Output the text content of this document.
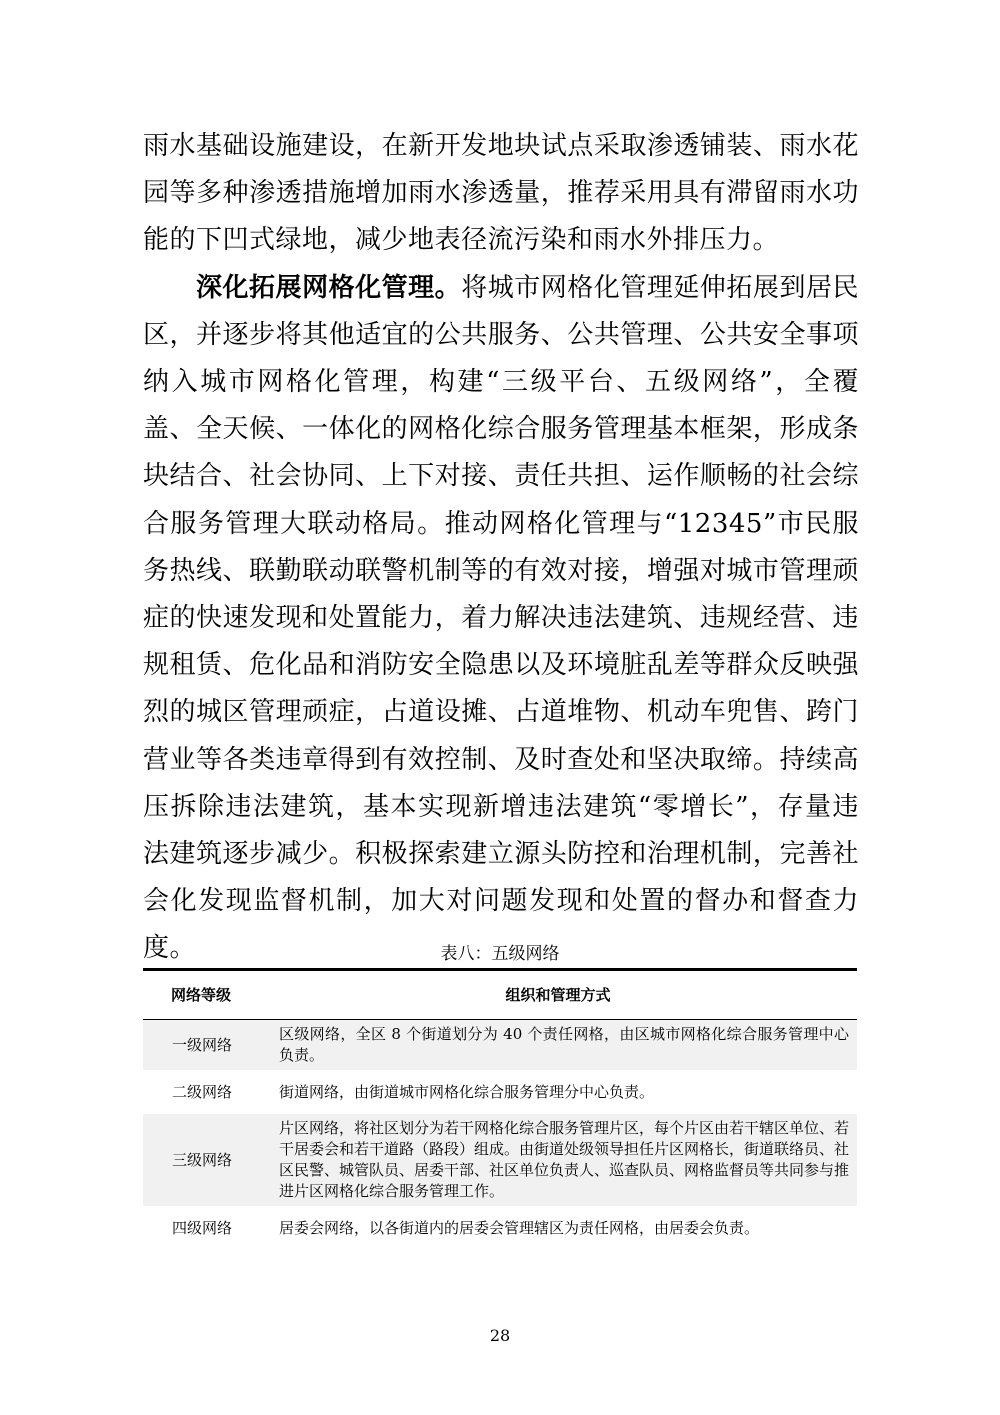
雨水基础设施建设，在新开发地块试点采取渗透铺装、雨水花园等多种渗透措施增加雨水渗透量，推荐采用具有滞留雨水功能的下凹式绿地，减少地表径流污染和雨水外排压力。

深化拓展网格化管理。将城市网格化管理延伸拓展到居民区，并逐步将其他适宜的公共服务、公共管理、公共安全事项纳入城市网格化管理，构建“三级平台、五级网络”，全覆盖、全天候、一体化的网格化综合服务管理基本框架，形成条块结合、社会协同、上下对接、责任共担、运作顺畅的社会综合服务管理大联动格局。推动网格化管理与“12345”市民服务热线、联勤联动联警机制等的有效对接，增强对城市管理顽症的快速发现和处置能力，着力解决违法建筑、违规经营、违规租赁、危化品和消防安全隐患以及环境脏乱差等群众反映强烈的城区管理顽症，占道设摊、占道堆物、机动车兜售、跨门营业等各类违章得到有效控制、及时查处和坚决取缔。持续高压拆除违法建筑，基本实现新增违法建筑“零增长”，存量违法建筑逐步减少。积极探索建立源头防控和治理机制，完善社会化发现监督机制，加大对问题发现和处置的督办和督查力度。	表八：五级网络
网络等级	组织和管理方式
一级网络	区级网络，全区 8 个街道划分为 40 个责任网格，由区城市网格化综合服务管理中心负责。
二级网络	街道网络，由街道城市网格化综合服务管理分中心负责。
三级网络	片区网络，将社区划分为若干网格化综合服务管理片区，每个片区由若干辖区单位、若干居委会和若干道路（路段）组成。由街道处级领导担任片区网格长，街道联络员、社区民警、城管队员、居委干部、社区单位负责人、巡查队员、网格监督员等共同参与推进片区网格化综合服务管理工作。
四级网络	居委会网络，以各街道内的居委会管理辖区为责任网格，由居委会负责。
28
